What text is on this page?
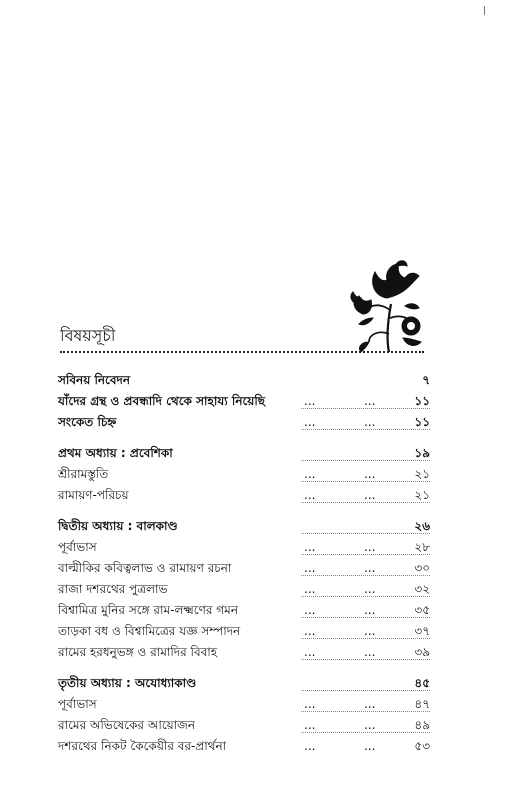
বিষয়সূচী
সবিনয় নিবেদন	৭
যাঁদের গ্রন্থ ও প্রবন্ধাদি থেকে সাহায্য নিয়েছি	...	...	১১
সংকেত চিহ্ন	...	...	১১
প্রথম অধ্যায় : প্রবেশিকা	১৯
শ্রীরামস্তুতি	...	...	২১
রামায়ণ-পরিচয়	...	...	২১
দ্বিতীয় অধ্যায় : বালকাণ্ড	২৬
পূর্বাভাস	...	...	২৮
বাল্মীকির কবিত্বলাভ ও রামায়ণ রচনা	...	...	৩০
রাজা দশরথের পুত্রলাভ	...	...	৩২
বিশ্বামিত্র মুনির সঙ্গে রাম-লক্ষ্মণের গমন	...	...	৩৫
তাড়কা বধ ও বিশ্বামিত্রের যজ্ঞ সম্পাদন	...	...	৩৭
রামের হরধনুভঙ্গ ও রামাদির বিবাহ	...	...	৩৯
তৃতীয় অধ্যায় : অযোধ্যাকাণ্ড	৪৫
পূর্বাভাস	...	...	৪৭
রামের অভিষেকের আয়োজন	...	...	৪৯
দশরথের নিকট কৈকেয়ীর বর-প্রার্থনা	...	...	৫৩
